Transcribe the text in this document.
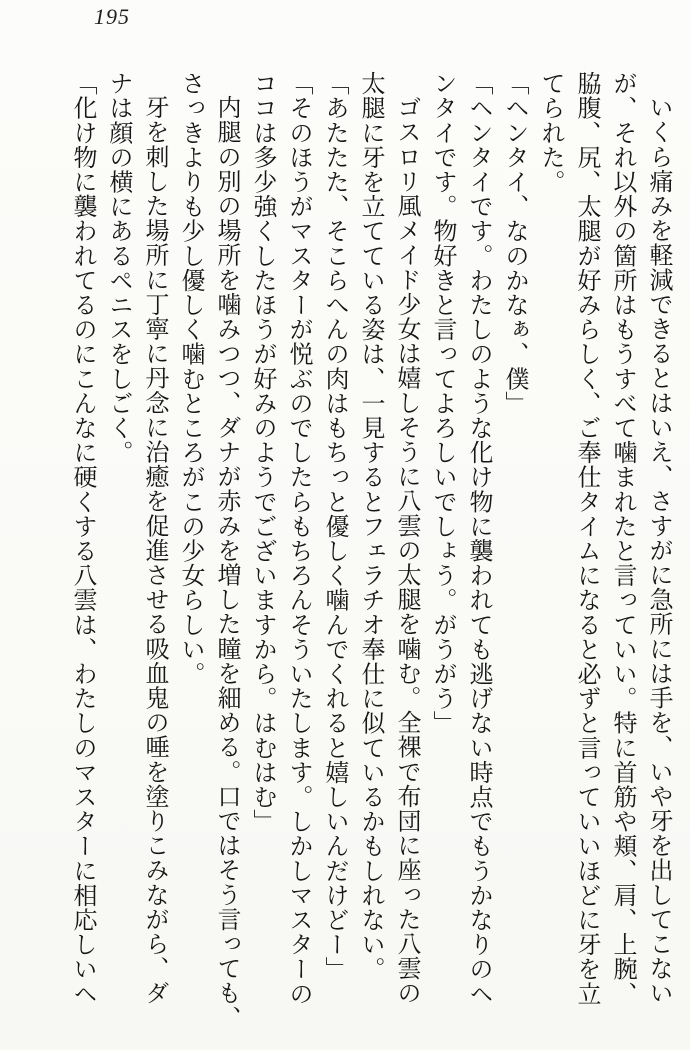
195
いくら痛みを軽減できるとはいえ、さすがに急所には手を、いや牙を出してこない
が、それ以外の箇所はもうすべて噛まれたと言っていい。特に首筋や頬、肩、上腕、
脇腹、尻、太腿が好みらしく、ご奉仕タイムになると必ずと言っていいほどに牙を立
てられた。
「ヘンタイ、なのかなぁ、僕」
「ヘンタイです。わたしのような化け物に襲われても逃げない時点でもうかなりのヘ
ンタイです。物好きと言ってよろしいでしょう。がうがう」
ゴスロリ風メイド少女は嬉しそうに八雲の太腿を噛む。全裸で布団に座った八雲の
太腿に牙を立てている姿は、一見するとフェラチオ奉仕に似ているかもしれない。
「あたたた、そこらへんの肉はもちっと優しく噛んでくれると嬉しいんだけどー」
「そのほうがマスターが悦ぶのでしたらもちろんそういたします。しかしマスターの
ココは多少強くしたほうが好みのようでございますから。はむはむ」
内腿の別の場所を噛みつつ、ダナが赤みを増した瞳を細める。口ではそう言っても、
さっきよりも少し優しく噛むところがこの少女らしい。
牙を刺した場所に丁寧に丹念に治癒を促進させる吸血鬼の唾を塗りこみながら、ダ
ナは顔の横にあるペニスをしごく。
「化け物に襲われてるのにこんなに硬くする八雲は、わたしのマスターに相応しいヘ
